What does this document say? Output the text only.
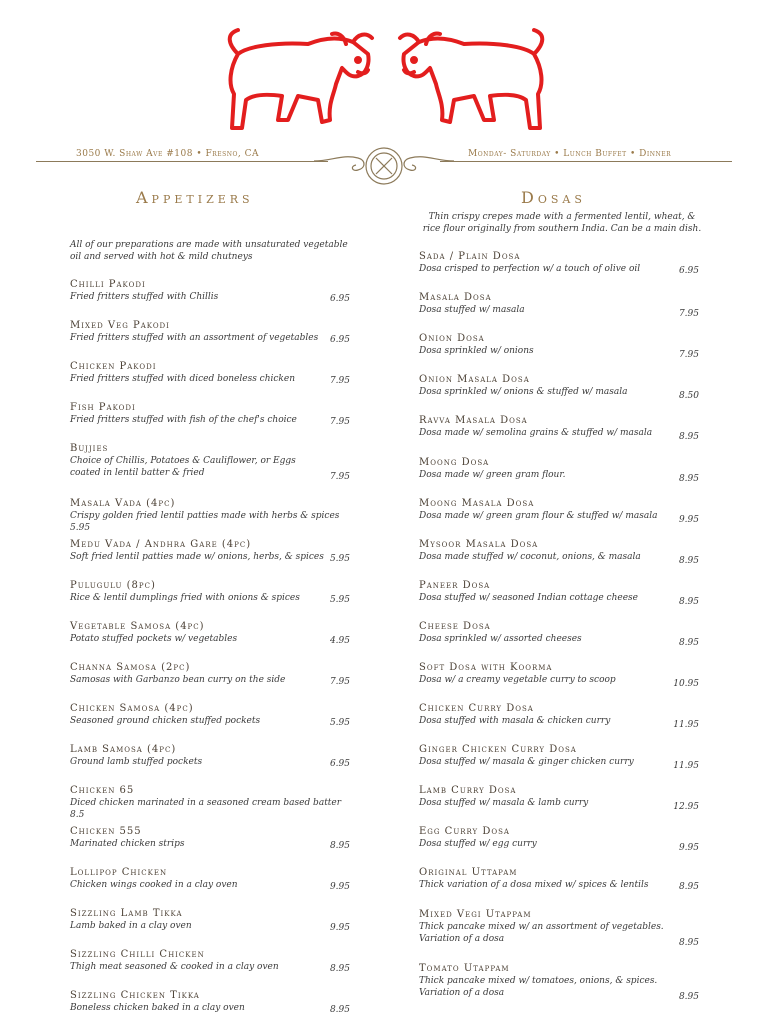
3050 W. Shaw Ave #108 • Fresno, CA	Monday- Saturday • Lunch Buffet • Dinner
Appetizers
All of our preparations are made with unsaturated vegetable oil and served with hot & mild chutneys
Chilli Pakodi
Fried fritters stuffed with Chillis	6.95
Mixed Veg Pakodi
Fried fritters stuffed with an assortment of vegetables	6.95
Chicken Pakodi
Fried fritters stuffed with diced boneless chicken	7.95
Fish Pakodi
Fried fritters stuffed with fish of the chef's choice	7.95
Bujjies
Choice of Chillis, Potatoes & Cauliflower, or Eggs coated in lentil batter & fried	7.95
Masala Vada (4pc)
Crispy golden fried lentil patties made with herbs & spices 5.95
Medu Vada / Andhra Gare (4pc)
Soft fried lentil patties made w/ onions, herbs, & spices 5.95
Pulugulu (8pc)
Rice & lentil dumplings fried with onions & spices	5.95
Vegetable Samosa (4pc)
Potato stuffed pockets w/ vegetables	4.95
Channa Samosa (2pc)
Samosas with Garbanzo bean curry on the side	7.95
Chicken Samosa (4pc)
Seasoned ground chicken stuffed pockets	5.95
Lamb Samosa (4pc)
Ground lamb stuffed pockets	6.95
Chicken 65
Diced chicken marinated in a seasoned cream based batter 8.5
Chicken 555
Marinated chicken strips	8.95
Lollipop Chicken
Chicken wings cooked in a clay oven	9.95
Sizzling Lamb Tikka
Lamb baked in a clay oven	9.95
Sizzling Chilli Chicken
Thigh meat seasoned & cooked in a clay oven	8.95
Sizzling Chicken Tikka
Boneless chicken baked in a clay oven	8.95
Dosas
Thin crispy crepes made with a fermented lentil, wheat, & rice flour originally from southern India. Can be a main dish.
Sada / Plain Dosa
Dosa crisped to perfection w/ a touch of olive oil	6.95
Masala Dosa
Dosa stuffed w/ masala	7.95
Onion Dosa
Dosa sprinkled w/ onions	7.95
Onion Masala Dosa
Dosa sprinkled w/ onions & stuffed w/ masala	8.50
Ravva Masala Dosa
Dosa made w/ semolina grains & stuffed w/ masala	8.95
Moong Dosa
Dosa made w/ green gram flour.	8.95
Moong Masala Dosa
Dosa made w/ green gram flour & stuffed w/ masala	9.95
Mysoor Masala Dosa
Dosa made stuffed w/ coconut, onions, & masala	8.95
Paneer Dosa
Dosa stuffed w/ seasoned Indian cottage cheese	8.95
Cheese Dosa
Dosa sprinkled w/ assorted cheeses	8.95
Soft Dosa with Koorma
Dosa w/ a creamy vegetable curry to scoop	10.95
Chicken Curry Dosa
Dosa stuffed with masala & chicken curry	11.95
Ginger Chicken Curry Dosa
Dosa stuffed w/ masala & ginger chicken curry	11.95
Lamb Curry Dosa
Dosa stuffed w/ masala & lamb curry	12.95
Egg Curry Dosa
Dosa stuffed w/ egg curry	9.95
Original Uttapam
Thick variation of a dosa mixed w/ spices & lentils	8.95
Mixed Vegi Utappam
Thick pancake mixed w/ an assortment of vegetables. Variation of a dosa	8.95
Tomato Utappam
Thick pancake mixed w/ tomatoes, onions, & spices. Variation of a dosa	8.95
